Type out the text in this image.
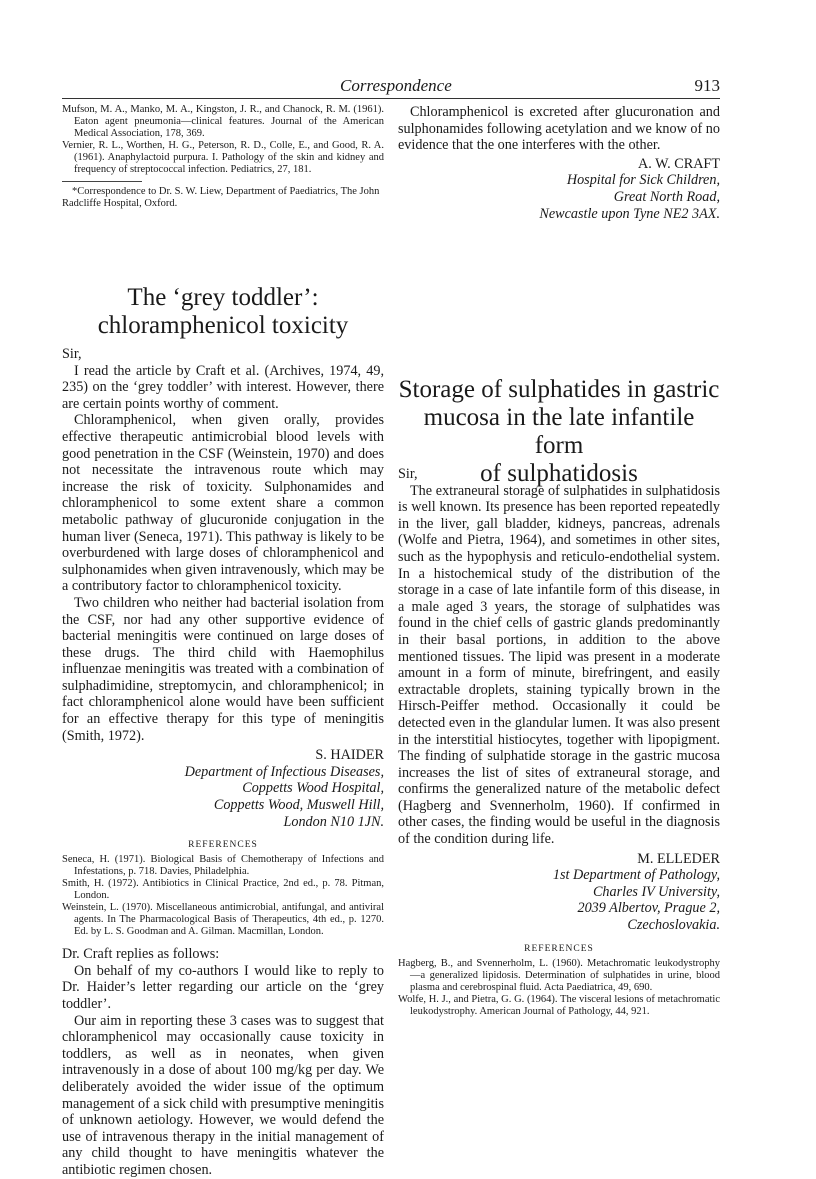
Correspondence	913

Mufson, M. A., Manko, M. A., Kingston, J. R., and Chanock, R. M. (1961). Eaton agent pneumonia—clinical features. Journal of the American Medical Association, 178, 369.

Vernier, R. L., Worthen, H. G., Peterson, R. D., Colle, E., and Good, R. A. (1961). Anaphylactoid purpura. I. Pathology of the skin and kidney and frequency of streptococcal infection. Pediatrics, 27, 181.

*Correspondence to Dr. S. W. Liew, Department of Paediatrics, The John Radcliffe Hospital, Oxford.

The ‘grey toddler’:

chloramphenicol toxicity

Sir,

I read the article by Craft et al. (Archives, 1974, 49, 235) on the ‘grey toddler’ with interest. However, there are certain points worthy of comment.

Chloramphenicol, when given orally, provides effective therapeutic antimicrobial blood levels with good penetration in the CSF (Weinstein, 1970) and does not necessitate the intravenous route which may increase the risk of toxicity. Sulphonamides and chloramphenicol to some extent share a common metabolic pathway of glucuronide conjugation in the human liver (Seneca, 1971). This pathway is likely to be overburdened with large doses of chloramphenicol and sulphonamides when given intravenously, which may be a contributory factor to chloramphenicol toxicity.

Two children who neither had bacterial isolation from the CSF, nor had any other supportive evidence of bacterial meningitis were continued on large doses of these drugs. The third child with Haemophilus influenzae meningitis was treated with a combination of sulphadimidine, streptomycin, and chloramphenicol; in fact chloramphenicol alone would have been sufficient for an effective therapy for this type of meningitis (Smith, 1972).

S. HAIDER

Department of Infectious Diseases,

Coppetts Wood Hospital,

Coppetts Wood, Muswell Hill,

London N10 1JN.

REFERENCES

Seneca, H. (1971). Biological Basis of Chemotherapy of Infections and Infestations, p. 718. Davies, Philadelphia.

Smith, H. (1972). Antibiotics in Clinical Practice, 2nd ed., p. 78. Pitman, London.

Weinstein, L. (1970). Miscellaneous antimicrobial, antifungal, and antiviral agents. In The Pharmacological Basis of Therapeutics, 4th ed., p. 1270. Ed. by L. S. Goodman and A. Gilman. Macmillan, London.

Dr. Craft replies as follows:

On behalf of my co-authors I would like to reply to Dr. Haider’s letter regarding our article on the ‘grey toddler’.

Our aim in reporting these 3 cases was to suggest that chloramphenicol may occasionally cause toxicity in toddlers, as well as in neonates, when given intravenously in a dose of about 100 mg/kg per day. We deliberately avoided the wider issue of the optimum management of a sick child with presumptive meningitis of unknown aetiology. However, we would defend the use of intravenous therapy in the initial management of any child thought to have meningitis whatever the antibiotic regimen chosen.

Chloramphenicol is excreted after glucuronation and sulphonamides following acetylation and we know of no evidence that the one interferes with the other.

A. W. CRAFT

Hospital for Sick Children,

Great North Road,

Newcastle upon Tyne NE2 3AX.

Storage of sulphatides in gastric

mucosa in the late infantile form

of sulphatidosis

Sir,

The extraneural storage of sulphatides in sulphatidosis is well known. Its presence has been reported repeatedly in the liver, gall bladder, kidneys, pancreas, adrenals (Wolfe and Pietra, 1964), and sometimes in other sites, such as the hypophysis and reticulo-endothelial system. In a histochemical study of the distribution of the storage in a case of late infantile form of this disease, in a male aged 3 years, the storage of sulphatides was found in the chief cells of gastric glands predominantly in their basal portions, in addition to the above mentioned tissues. The lipid was present in a moderate amount in a form of minute, birefringent, and easily extractable droplets, staining typically brown in the Hirsch-Peiffer method. Occasionally it could be detected even in the glandular lumen. It was also present in the interstitial histiocytes, together with lipopigment. The finding of sulphatide storage in the gastric mucosa increases the list of sites of extraneural storage, and confirms the generalized nature of the metabolic defect (Hagberg and Svennerholm, 1960). If confirmed in other cases, the finding would be useful in the diagnosis of the condition during life.

M. ELLEDER

1st Department of Pathology,

Charles IV University,

2039 Albertov, Prague 2,

Czechoslovakia.

REFERENCES

Hagberg, B., and Svennerholm, L. (1960). Metachromatic leukodystrophy—a generalized lipidosis. Determination of sulphatides in urine, blood plasma and cerebrospinal fluid. Acta Paediatrica, 49, 690.

Wolfe, H. J., and Pietra, G. G. (1964). The visceral lesions of metachromatic leukodystrophy. American Journal of Pathology, 44, 921.
